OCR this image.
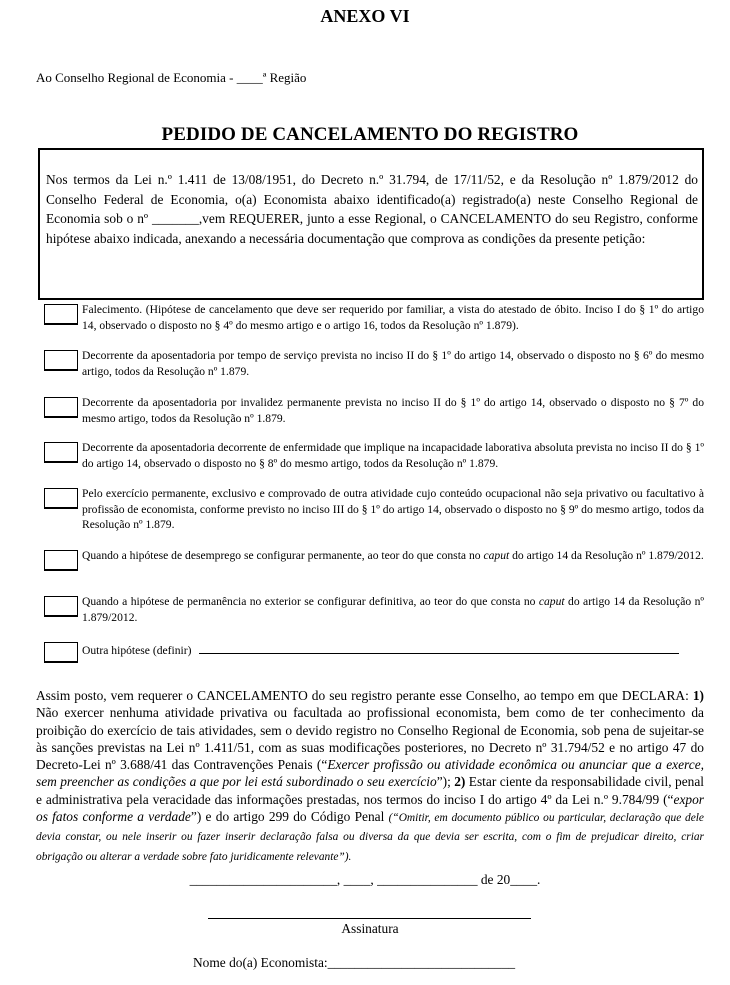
ANEXO VI
Ao Conselho Regional de Economia - ____ª Região
PEDIDO DE CANCELAMENTO DO REGISTRO

Nos termos da Lei n.º 1.411 de 13/08/1951, do Decreto n.º 31.794, de 17/11/52, e da Resolução nº 1.879/2012 do Conselho Federal de Economia, o(a) Economista abaixo identificado(a) registrado(a) neste Conselho Regional de Economia sob o nº _______,vem REQUERER, junto a esse Regional, o CANCELAMENTO do seu Registro, conforme hipótese abaixo indicada, anexando a necessária documentação que comprova as condições da presente petição:

Falecimento. (Hipótese de cancelamento que deve ser requerido por familiar, a vista do atestado de óbito. Inciso I do § 1º do artigo 14, observado o disposto no § 4º do mesmo artigo e o artigo 16, todos da Resolução nº 1.879).
Decorrente da aposentadoria por tempo de serviço prevista no inciso II do § 1º do artigo 14, observado o disposto no § 6º do mesmo artigo, todos da Resolução nº 1.879.
Decorrente da aposentadoria por invalidez permanente prevista no inciso II do § 1º do artigo 14, observado o disposto no § 7º do mesmo artigo, todos da Resolução nº 1.879.
Decorrente da aposentadoria decorrente de enfermidade que implique na incapacidade laborativa absoluta prevista no inciso II do § 1º do artigo 14, observado o disposto no § 8º do mesmo artigo, todos da Resolução nº 1.879.
Pelo exercício permanente, exclusivo e comprovado de outra atividade cujo conteúdo ocupacional não seja privativo ou facultativo à profissão de economista, conforme previsto no inciso III do § 1º do artigo 14, observado o disposto no § 9º do mesmo artigo, todos da Resolução nº 1.879.
Quando a hipótese de desemprego se configurar permanente, ao teor do que consta no caput do artigo 14 da Resolução nº 1.879/2012.
Quando a hipótese de permanência no exterior se configurar definitiva, ao teor do que consta no caput do artigo 14 da Resolução nº 1.879/2012.
Outra hipótese (definir)

Assim posto, vem requerer o CANCELAMENTO do seu registro perante esse Conselho, ao tempo em que DECLARA: 1) Não exercer nenhuma atividade privativa ou facultada ao profissional economista, bem como de ter conhecimento da proibição do exercício de tais atividades, sem o devido registro no Conselho Regional de Economia, sob pena de sujeitar-se às sanções previstas na Lei nº 1.411/51, com as suas modificações posteriores, no Decreto nº 31.794/52 e no artigo 47 do Decreto-Lei nº 3.688/41 das Contravenções Penais (“Exercer profissão ou atividade econômica ou anunciar que a exerce, sem preencher as condições a que por lei está subordinado o seu exercício”); 2) Estar ciente da responsabilidade civil, penal e administrativa pela veracidade das informações prestadas, nos termos do inciso I do artigo 4º da Lei n.º 9.784/99 (“expor os fatos conforme a verdade”) e do artigo 299 do Código Penal (“Omitir, em documento público ou particular, declaração que dele devia constar, ou nele inserir ou fazer inserir declaração falsa ou diversa da que devia ser escrita, com o fim de prejudicar direito, criar obrigação ou alterar a verdade sobre fato juridicamente relevante”).

______________________, ____, _______________ de 20____.
Assinatura
Nome do(a) Economista:____________________________
